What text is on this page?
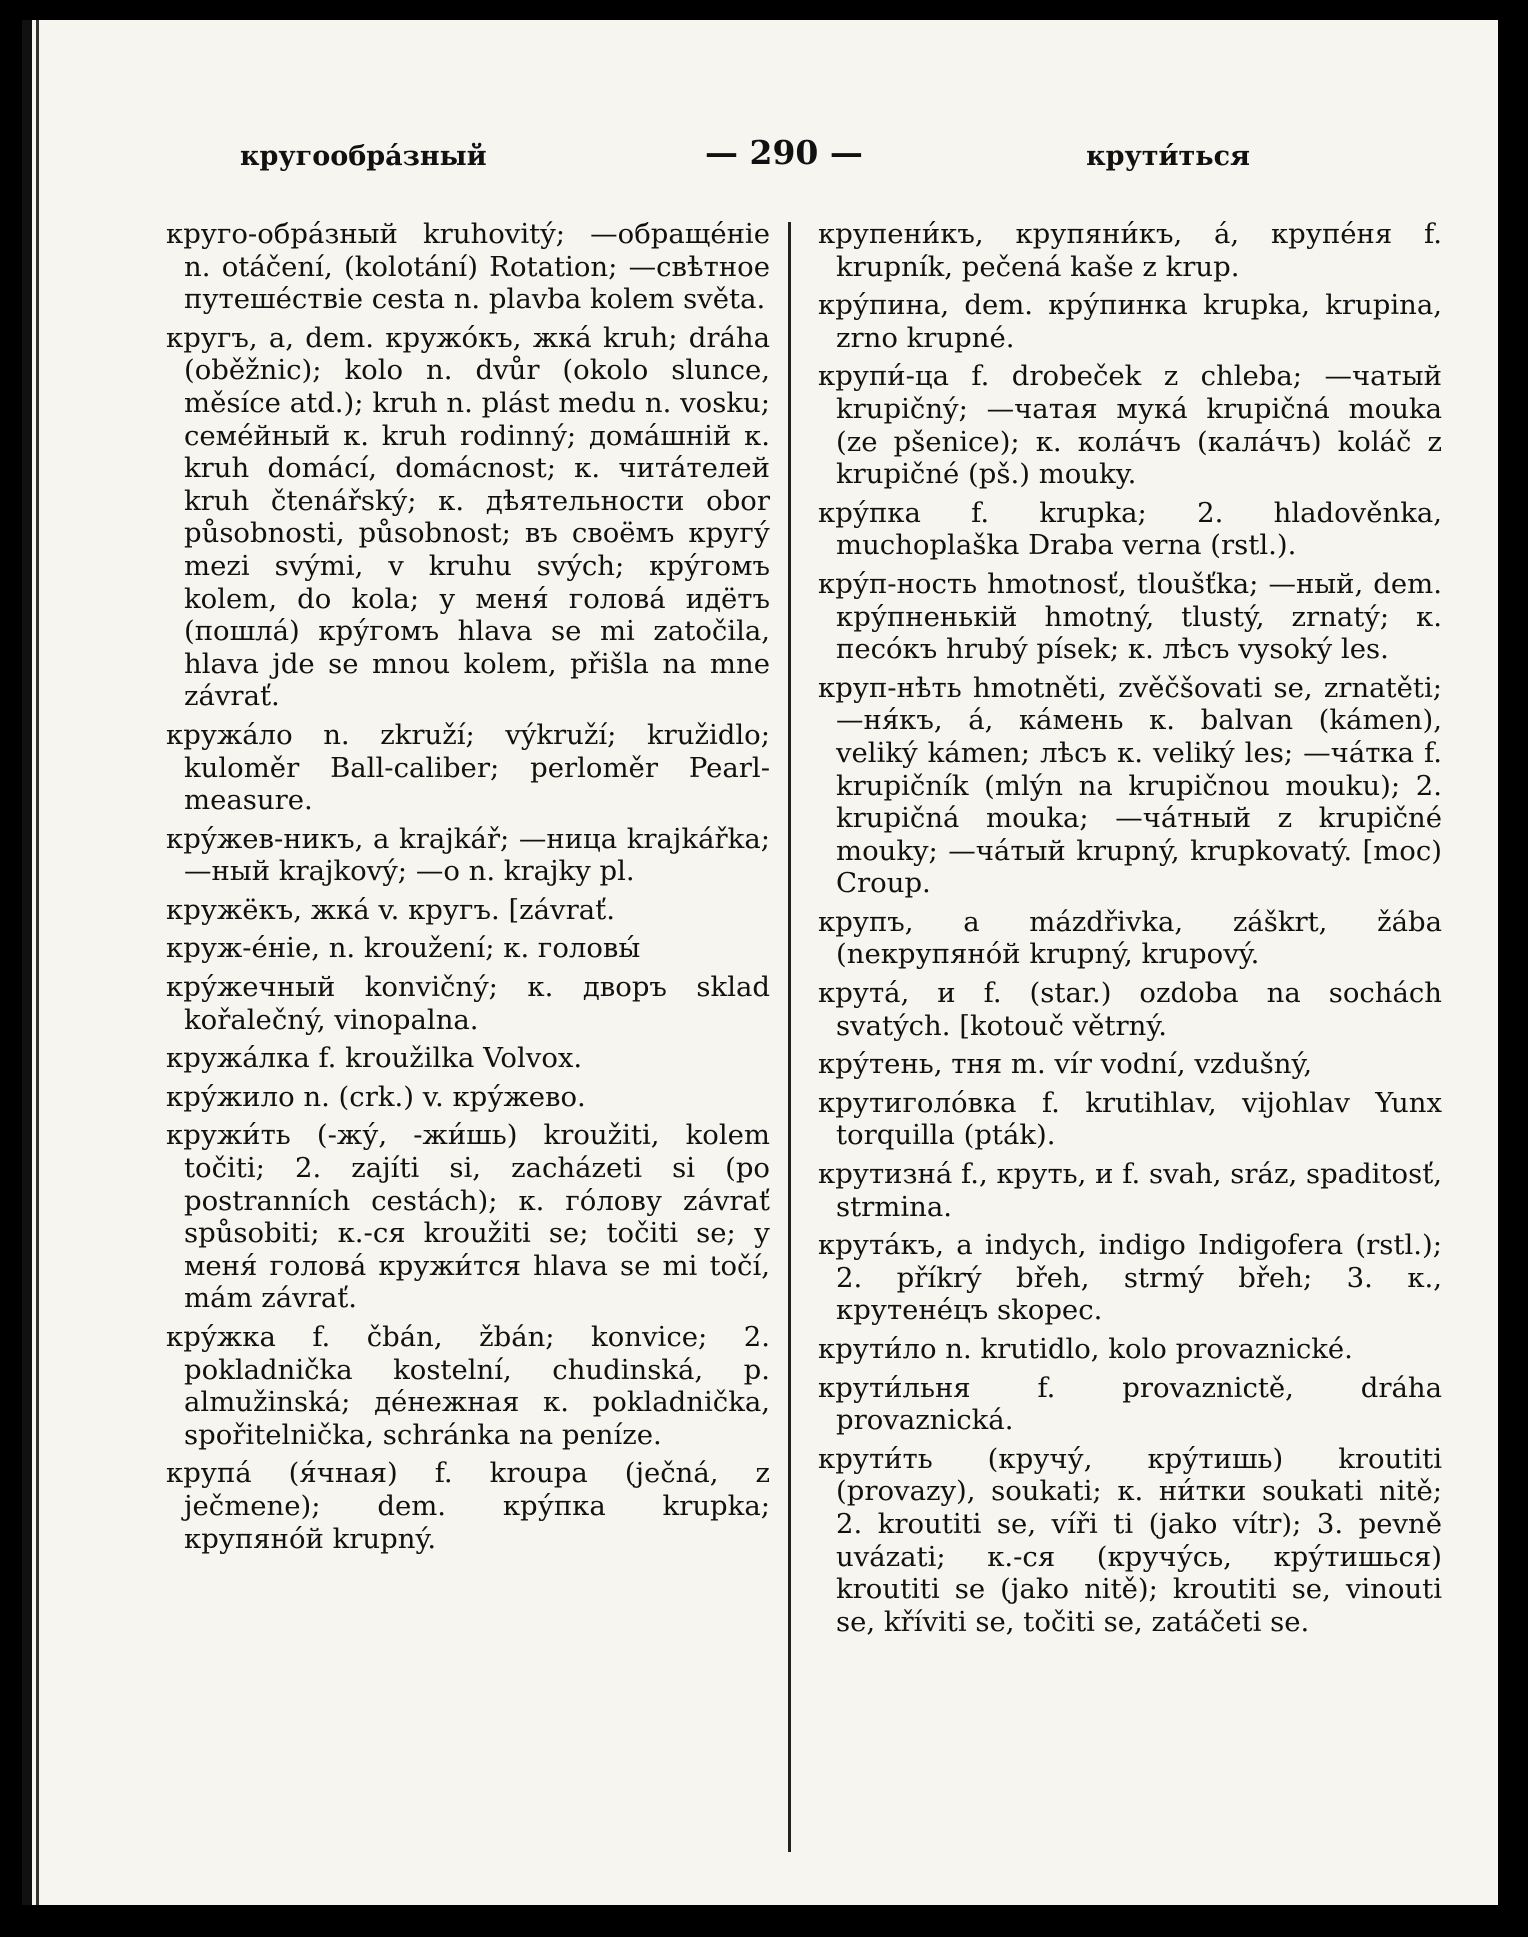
кругообра́зный	— 290 —	крути́ться

круго-обра́зный kruhovitý; —обраще́ніе n. otáčení, (kolotání) Rotation; —свѣтное путеше́ствіе cesta n. plavba kolem světa.

кругъ, a, dem. кружо́къ, жка́ kruh; dráha (oběžnic); kolo n. dvůr (okolo slunce, měsíce atd.); kruh n. plást medu n. vosku; семе́йный к. kruh rodinný; дома́шній к. kruh domácí, domácnost; к. чита́телей kruh čtenářský; к. дѣятельности obor působnosti, působnost; въ своёмъ кругу́ mezi svými, v kruhu svých; кру́гомъ kolem, do kola; у меня́ голова́ идётъ (пошла́) кру́гомъ hlava se mi zatočila, hlava jde se mnou kolem, přišla na mne závrať.

кружа́ло n. zkruží; výkruží; kružidlo; kuloměr Ball-caliber; perloměr Pearl-measure.

кру́жев-никъ, a krajkář; —ница krajkářka; —ный krajkový; —о n. krajky pl.

кружёкъ, жка́ v. кругъ. [závrať.

круж-е́ніе, n. kroužení; к. головы́

кру́жечный konvičný; к. дворъ sklad kořalečný, vinopalna.

кружа́лка f. kroužilka Volvox.

кру́жило n. (crk.) v. кру́жево.

кружи́ть (-жу́, -жи́шь) kroužiti, kolem točiti; 2. zajíti si, zacházeti si (po postranních cestách); к. го́лову závrať spůsobiti; к.-ся kroužiti se; točiti se; у меня́ голова́ кружи́тся hlava se mi točí, mám závrať.

кру́жка f. čbán, žbán; konvice; 2. pokladnička kostelní, chudinská, p. almužinská; де́нежная к. pokladnička, spořitelnička, schránka na peníze.

крупа́ (я́чная) f. kroupa (ječná, z ječmene); dem. кру́пка krupka; крупяно́й krupný.

крупени́къ, крупяни́къ, а́, крупе́ня f. krupník, pečená kaše z krup.

кру́пина, dem. кру́пинка krupka, krupina, zrno krupné.

крупи́-ца f. drobeček z chleba; —чатый krupičný; —чатая мука́ krupičná mouka (ze pšenice); к. кола́чъ (кала́чъ) koláč z krupičné (pš.) mouky.

кру́пка f. krupka; 2. hladověnka, muchoplaška Draba verna (rstl.).

кру́п-ность hmotnosť, tloušťka; —ный, dem. кру́пненькій hmotný, tlustý, zrnatý; к. песо́къ hrubý písek; к. лѣсъ vysoký les.

круп-нѣть hmotněti, zvěčšovati se, zrnatěti; —ня́къ, á, ка́мень к. balvan (kámen), veliký kámen; лѣсъ к. veliký les; —ча́тка f. krupičník (mlýn na krupičnou mouku); 2. krupičná mouka; —ча́тный z krupičné mouky; —ча́тый krupný, krupkovatý. [moc) Croup.

крупъ, a mázdřivka, záškrt, žába (neкрупяно́й krupný, krupový.

крута́, и f. (star.) ozdoba na sochách svatých. [kotouč větrný.

кру́тень, тня m. vír vodní, vzdušný,

крутиголо́вка f. krutihlav, vijohlav Yunx torquilla (pták).

крутизна́ f., круть, и f. svah, sráz, spaditosť, strmina.

крута́къ, a indych, indigo Indigofera (rstl.); 2. příkrý břeh, strmý břeh; 3. к., крутене́цъ skopec.

крути́ло n. krutidlo, kolo provaznické.

крути́льня f. provaznictě, dráha provaznická.

крути́ть (кручу́, кру́тишь) kroutiti (provazy), soukati; к. ни́тки soukati nitě; 2. kroutiti se, víři ti (jako vítr); 3. pevně uvázati; к.-ся (кручу́сь, кру́тишься) kroutiti se (jako nitě); kroutiti se, vinouti se, kříviti se, točiti se, zatáčeti se.
